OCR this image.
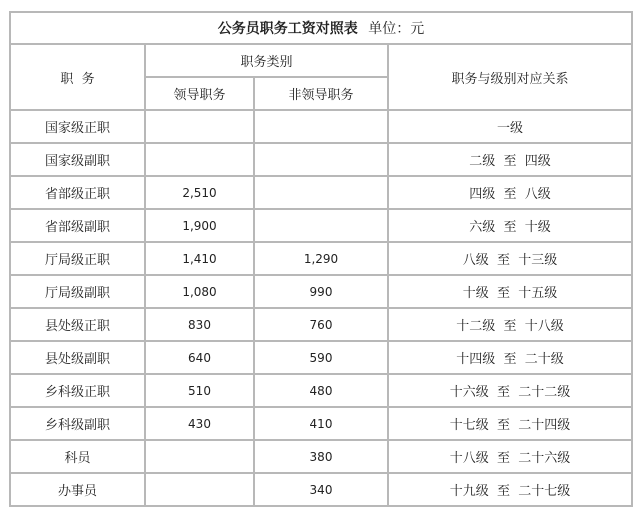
公务员职务工资对照表 单位：元			
职  务	职务类别		职务与级别对应关系
	领导职务	非领导职务	
国家级正职			一级
国家级副职			二级  至  四级
省部级正职	2,510		四级  至  八级
省部级副职	1,900		六级  至  十级
厅局级正职	1,410	1,290	八级  至  十三级
厅局级副职	1,080	990	十级  至  十五级
县处级正职	830	760	十二级  至  十八级
县处级副职	640	590	十四级  至  二十级
乡科级正职	510	480	十六级  至  二十二级
乡科级副职	430	410	十七级  至  二十四级
科员		380	十八级  至  二十六级
办事员		340	十九级  至  二十七级
